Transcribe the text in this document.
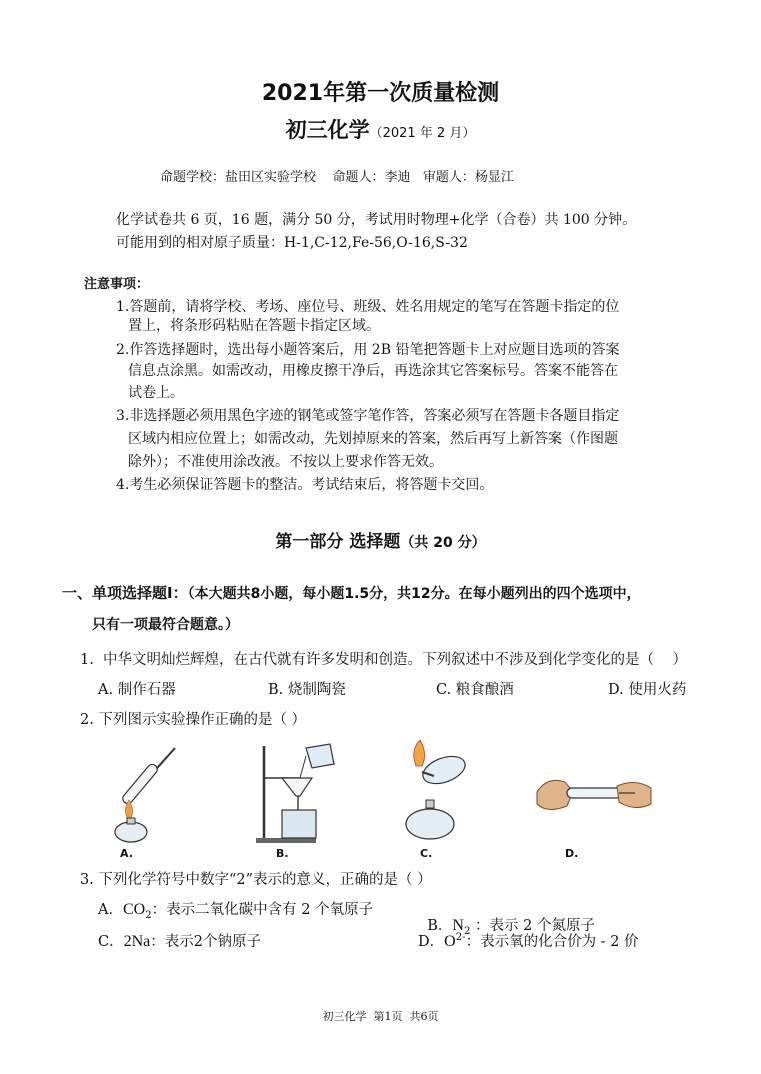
2021年第一次质量检测
初三化学（2021 年 2 月）
命题学校：盐田区实验学校    命题人：李迪   审题人：杨显江
化学试卷共 6 页，16 题，满分 50 分，考试用时物理+化学（合卷）共 100 分钟。
可能用到的相对原子质量：H-1,C-12,Fe-56,O-16,S-32
注意事项：
1.答题前，请将学校、考场、座位号、班级、姓名用规定的笔写在答题卡指定的位
置上，将条形码粘贴在答题卡指定区域。
2.作答选择题时，选出每小题答案后，用 2B 铅笔把答题卡上对应题目选项的答案
信息点涂黑。如需改动，用橡皮擦干净后，再选涂其它答案标号。答案不能答在
试卷上。
3.非选择题必须用黑色字迹的钢笔或签字笔作答，答案必须写在答题卡各题目指定
区域内相应位置上；如需改动，先划掉原来的答案，然后再写上新答案（作图题
除外）；不准使用涂改液。不按以上要求作答无效。
4.考生必须保证答题卡的整洁。考试结束后，将答题卡交回。
第一部分 选择题（共 20 分）
一、单项选择题Ⅰ：（本大题共8小题，每小题1.5分，共12分。在每小题列出的四个选项中，
只有一项最符合题意。）
1.  中华文明灿烂辉煌，在古代就有许多发明和创造。下列叙述中不涉及到化学变化的是（    ）
A. 制作石器	B. 烧制陶瓷	C. 粮食酿酒	D. 使用火药
2. 下列图示实验操作正确的是（ ）
A.	B.	C.	D.
3. 下列化学符号中数字“2”表示的意义，正确的是（ ）
A．$CO_2$：表示二氧化碳中含有 2 个氧原子

B．$N_2$ ：表示 2 个氮原子

C．2Na：表示2个钠原子	D．$O^{2-}$：表示氧的化合价为 - 2 价
初三化学  第1页  共6页
